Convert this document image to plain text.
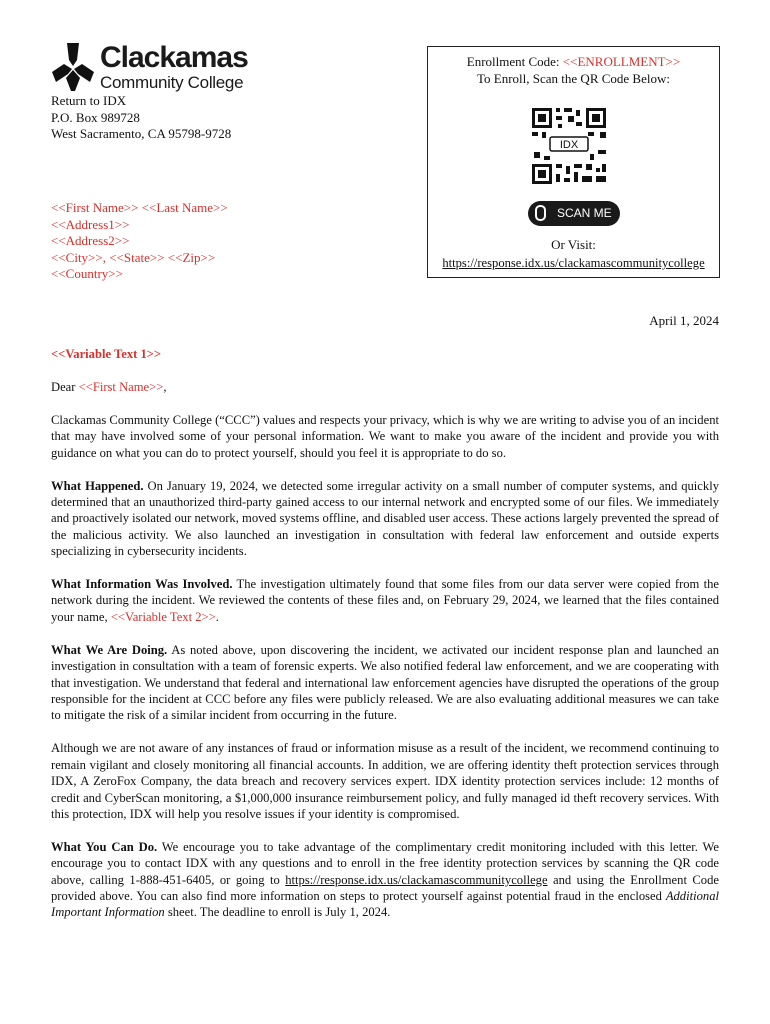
Clackamas
Community College
Return to IDX
P.O. Box 989728
West Sacramento, CA 95798-9728
<<First Name>> <<Last Name>>
<<Address1>>
<<Address2>>
<<City>>, <<State>> <<Zip>>
<<Country>>
Enrollment Code: <<ENROLLMENT>>
To Enroll, Scan the QR Code Below:
IDX
SCAN ME
Or Visit:
https://response.idx.us/clackamascommunitycollege
April 1, 2024

<<Variable Text 1>>

Dear <<First Name>>,

Clackamas Community College (“CCC”) values and respects your privacy, which is why we are writing to advise you of an incident that may have involved some of your personal information. We want to make you aware of the incident and provide you with guidance on what you can do to protect yourself, should you feel it is appropriate to do so.

What Happened. On January 19, 2024, we detected some irregular activity on a small number of computer systems, and quickly determined that an unauthorized third-party gained access to our internal network and encrypted some of our files. We immediately and proactively isolated our network, moved systems offline, and disabled user access. These actions largely prevented the spread of the malicious activity. We also launched an investigation in consultation with federal law enforcement and outside experts specializing in cybersecurity incidents.

What Information Was Involved. The investigation ultimately found that some files from our data server were copied from the network during the incident. We reviewed the contents of these files and, on February 29, 2024, we learned that the files contained your name, <<Variable Text 2>>.

What We Are Doing. As noted above, upon discovering the incident, we activated our incident response plan and launched an investigation in consultation with a team of forensic experts. We also notified federal law enforcement, and we are cooperating with that investigation. We understand that federal and international law enforcement agencies have disrupted the operations of the group responsible for the incident at CCC before any files were publicly released. We are also evaluating additional measures we can take to mitigate the risk of a similar incident from occurring in the future.

Although we are not aware of any instances of fraud or information misuse as a result of the incident, we recommend continuing to remain vigilant and closely monitoring all financial accounts. In addition, we are offering identity theft protection services through IDX, A ZeroFox Company, the data breach and recovery services expert. IDX identity protection services include: 12 months of credit and CyberScan monitoring, a $1,000,000 insurance reimbursement policy, and fully managed id theft recovery services. With this protection, IDX will help you resolve issues if your identity is compromised.

What You Can Do. We encourage you to take advantage of the complimentary credit monitoring included with this letter. We encourage you to contact IDX with any questions and to enroll in the free identity protection services by scanning the QR code above, calling 1-888-451-6405, or going to https://response.idx.us/clackamascommunitycollege and using the Enrollment Code provided above. You can also find more information on steps to protect yourself against potential fraud in the enclosed Additional Important Information sheet. The deadline to enroll is July 1, 2024.
